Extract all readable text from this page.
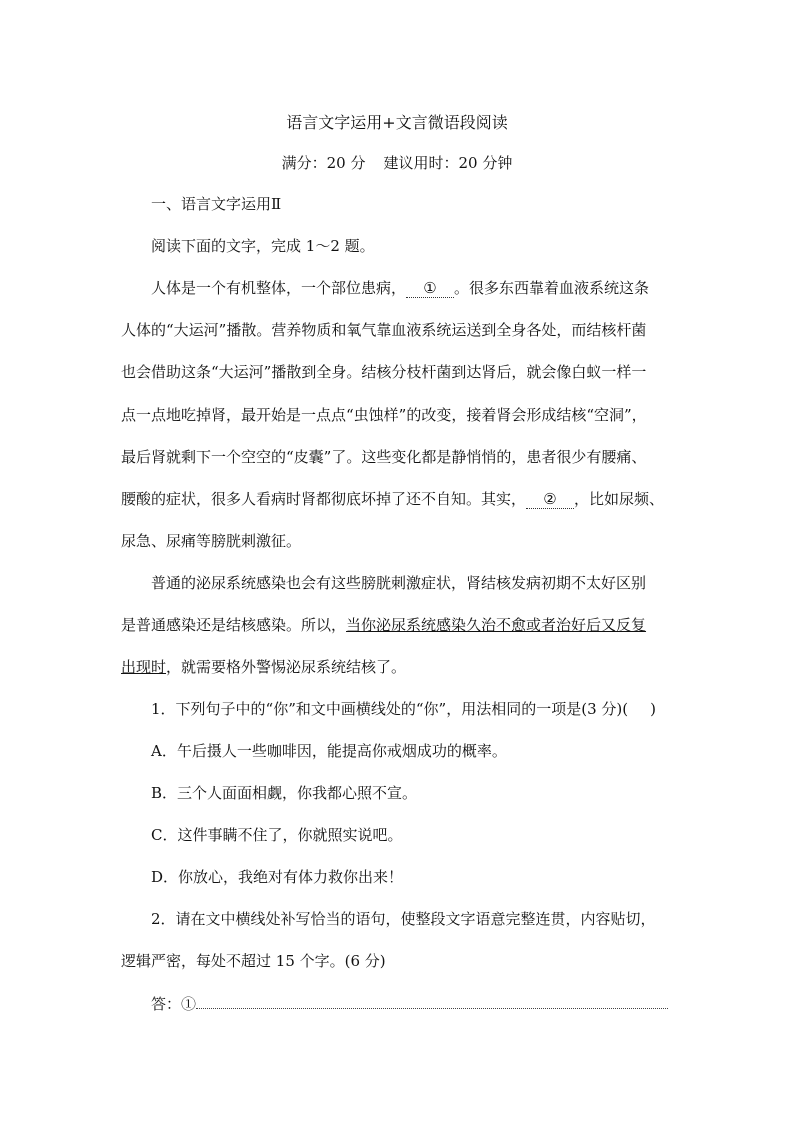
语言文字运用+文言微语段阅读
满分：20 分 建议用时：20 分钟
一、语言文字运用Ⅱ
阅读下面的文字，完成 1～2 题。
人体是一个有机整体，一个部位患病， ① 。很多东西靠着血液系统这条
人体的“大运河”播散。营养物质和氧气靠血液系统运送到全身各处，而结核杆菌
也会借助这条“大运河”播散到全身。结核分枝杆菌到达肾后，就会像白蚁一样一
点一点地吃掉肾，最开始是一点点“虫蚀样”的改变，接着肾会形成结核“空洞”，
最后肾就剩下一个空空的“皮囊”了。这些变化都是静悄悄的，患者很少有腰痛、
腰酸的症状，很多人看病时肾都彻底坏掉了还不自知。其实， ② ，比如尿频、
尿急、尿痛等膀胱刺激征。
普通的泌尿系统感染也会有这些膀胱刺激症状，肾结核发病初期不太好区别
是普通感染还是结核感染。所以，当你泌尿系统感染久治不愈或者治好后又反复
出现时，就需要格外警惕泌尿系统结核了。
1．下列句子中的“你”和文中画横线处的“你”，用法相同的一项是(3 分)( )
A．午后摄人一些咖啡因，能提高你戒烟成功的概率。
B．三个人面面相觑，你我都心照不宣。
C．这件事瞒不住了，你就照实说吧。
D．你放心，我绝对有体力救你出来！
2．请在文中横线处补写恰当的语句，使整段文字语意完整连贯，内容贴切，
逻辑严密，每处不超过 15 个字。(6 分)
答：①
